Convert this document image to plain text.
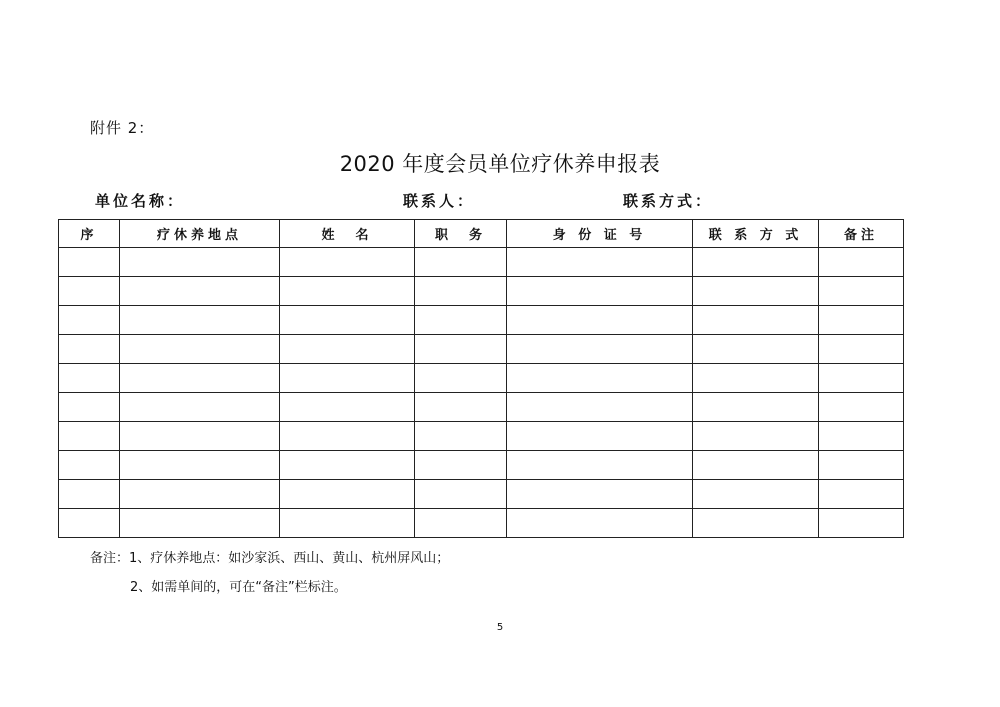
附件 2：
2020 年度会员单位疗休养申报表
单位名称：	联系人：	联系方式：
序	疗休养地点	姓　名	职　务	身 份 证 号	联 系 方 式	备注

备注：1、疗休养地点：如沙家浜、西山、黄山、杭州屏风山；
2、如需单间的，可在“备注”栏标注。
5
